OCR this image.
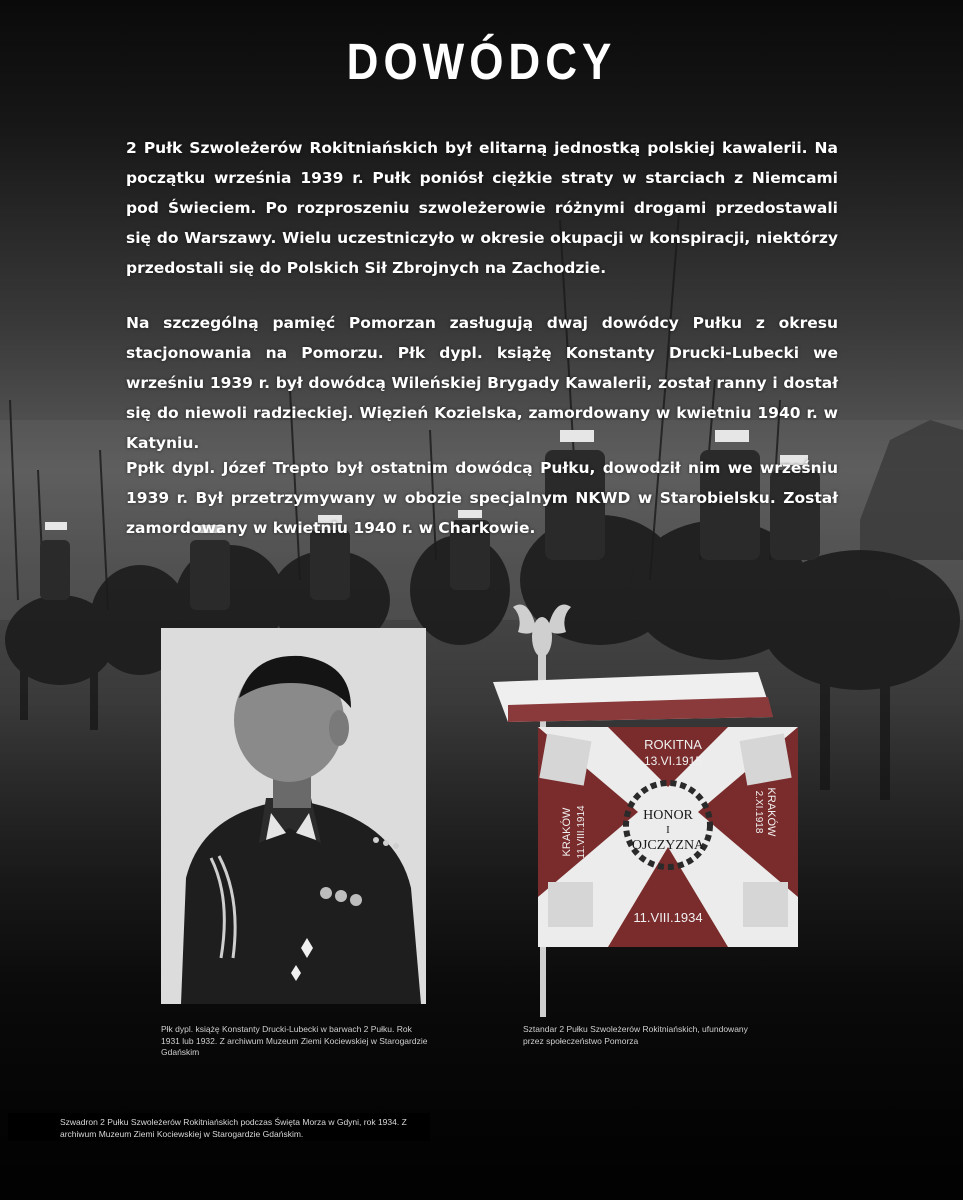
DOWÓDCY
2 Pułk Szwoleżerów Rokitniańskich był elitarną jednostką polskiej kawalerii. Na początku września 1939 r. Pułk poniósł ciężkie straty w starciach z Niemcami pod Świeciem. Po rozproszeniu szwoleżerowie różnymi drogami przedostawali się do Warszawy. Wielu uczestniczyło w okresie okupacji w konspiracji, niektórzy przedostali się do Polskich Sił Zbrojnych na Zachodzie.
Na szczególną pamięć Pomorzan zasługują dwaj dowódcy Pułku z okresu stacjonowania na Pomorzu. Płk dypl. książę Konstanty Drucki-Lubecki we wrześniu 1939 r. był dowódcą Wileńskiej Brygady Kawalerii, został ranny i dostał się do niewoli radzieckiej. Więzień Kozielska, zamordowany w kwietniu 1940 r. w Katyniu.
Ppłk dypl. Józef Trepto był ostatnim dowódcą Pułku, dowodził nim we wrześniu 1939 r. Był przetrzymywany w obozie specjalnym NKWD w Starobielsku. Został zamordowany w kwietniu 1940 r. w Charkowie.
ROKITNA
13.VI.1915
HONOR
I
OJCZYZNA
KRAKÓW 11.VIII.1914	KRAKÓW
2.XI.1918
11.VIII.1934
Płk dypl. książę Konstanty Drucki-Lubecki w barwach 2 Pułku. Rok 1931 lub 1932. Z archiwum Muzeum Ziemi Kociewskiej w Starogardzie Gdańskim
Sztandar 2 Pułku Szwoleżerów Rokitniańskich, ufundowany przez społeczeństwo Pomorza
Szwadron 2 Pułku Szwoleżerów Rokitniańskich podczas Święta Morza w Gdyni, rok 1934. Z archiwum Muzeum Ziemi Kociewskiej w Starogardzie Gdańskim.
